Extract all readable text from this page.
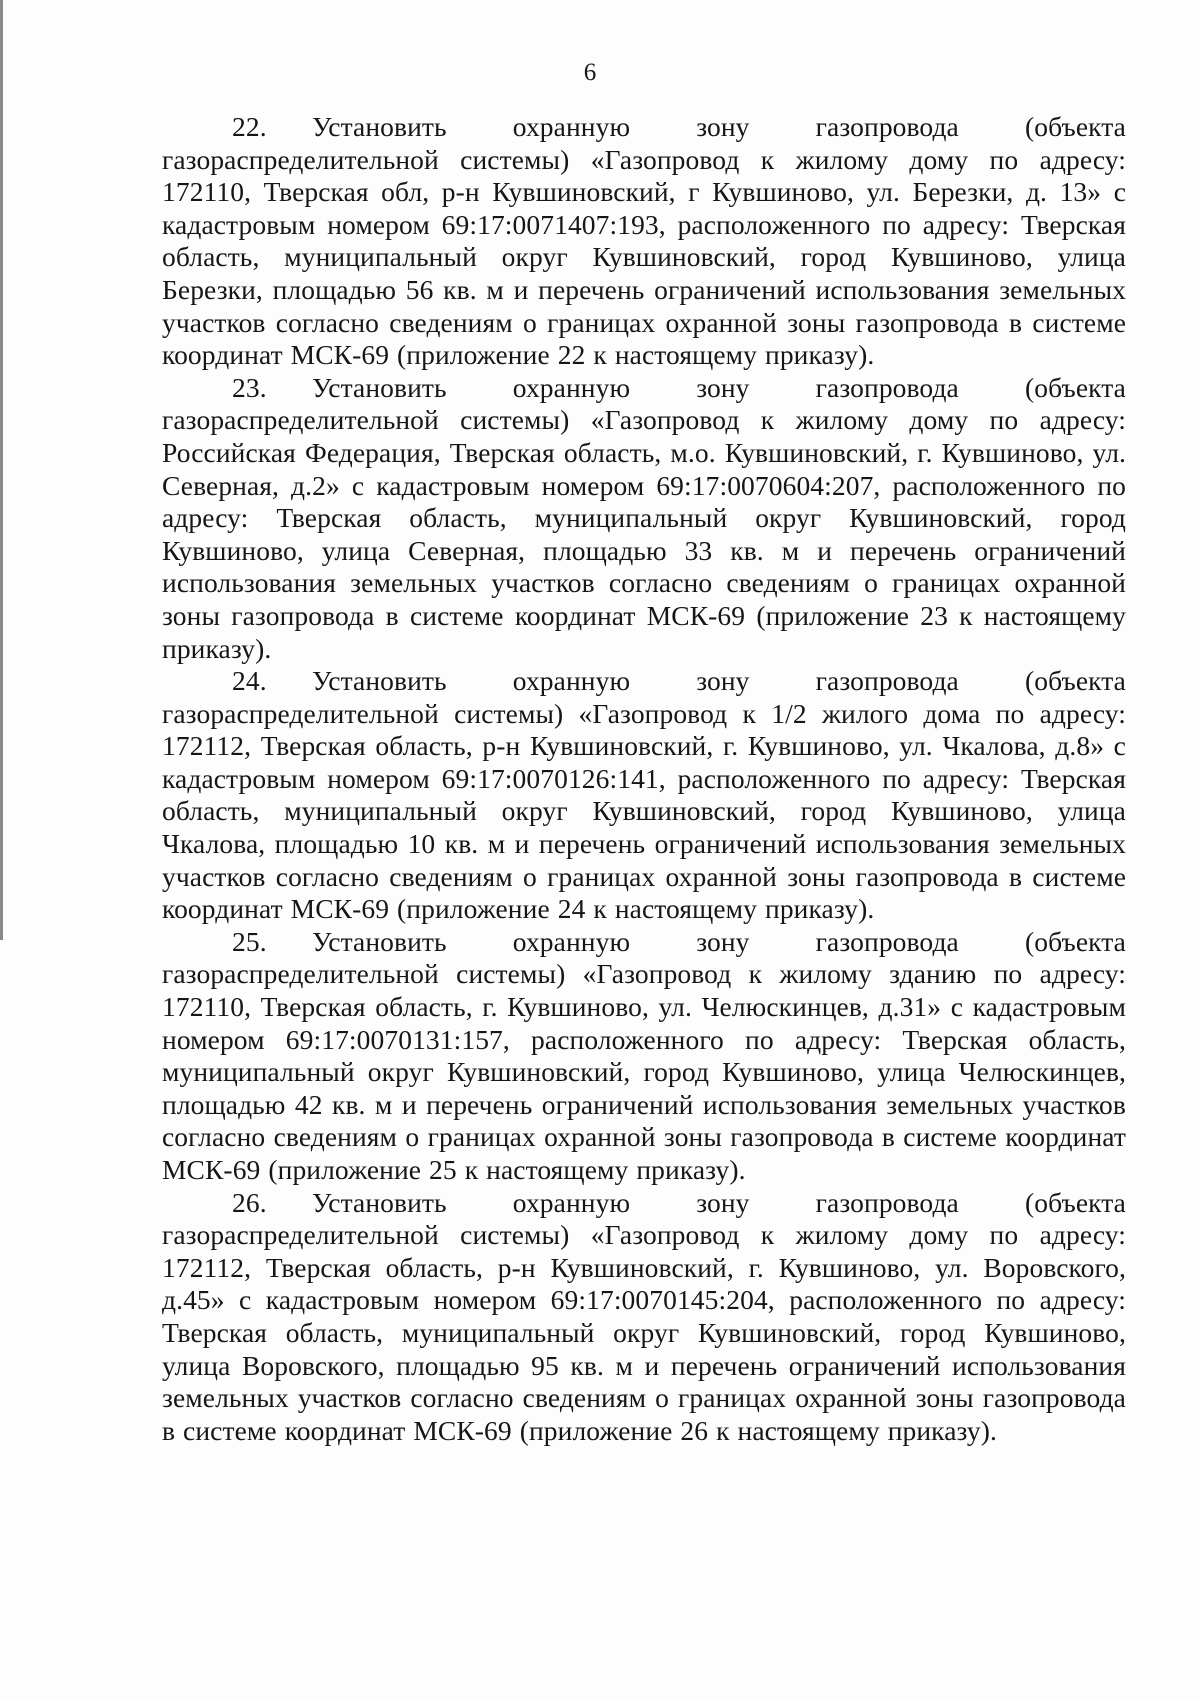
6

22. Установить охранную зону газопровода (объекта газораспределительной системы) «Газопровод к жилому дому по адресу: 172110, Тверская обл, р-н Кувшиновский, г Кувшиново, ул. Березки, д. 13» с кадастровым номером 69:17:0071407:193, расположенного по адресу: Тверская область, муниципальный округ Кувшиновский, город Кувшиново, улица Березки, площадью 56 кв. м и перечень ограничений использования земельных участков согласно сведениям о границах охранной зоны газопровода в системе координат МСК-69 (приложение 22 к настоящему приказу).

23. Установить охранную зону газопровода (объекта газораспределительной системы) «Газопровод к жилому дому по адресу: Российская Федерация, Тверская область, м.о. Кувшиновский, г. Кувшиново, ул. Северная, д.2» с кадастровым номером 69:17:0070604:207, расположенного по адресу: Тверская область, муниципальный округ Кувшиновский, город Кувшиново, улица Северная, площадью 33 кв. м и перечень ограничений использования земельных участков согласно сведениям о границах охранной зоны газопровода в системе координат МСК-69 (приложение 23 к настоящему приказу).

24. Установить охранную зону газопровода (объекта газораспределительной системы) «Газопровод к 1/2 жилого дома по адресу: 172112, Тверская область, р-н Кувшиновский, г. Кувшиново, ул. Чкалова, д.8» с кадастровым номером 69:17:0070126:141, расположенного по адресу: Тверская область, муниципальный округ Кувшиновский, город Кувшиново, улица Чкалова, площадью 10 кв. м и перечень ограничений использования земельных участков согласно сведениям о границах охранной зоны газопровода в системе координат МСК-69 (приложение 24 к настоящему приказу).

25. Установить охранную зону газопровода (объекта газораспределительной системы) «Газопровод к жилому зданию по адресу: 172110, Тверская область, г. Кувшиново, ул. Челюскинцев, д.31» с кадастровым номером 69:17:0070131:157, расположенного по адресу: Тверская область, муниципальный округ Кувшиновский, город Кувшиново, улица Челюскинцев, площадью 42 кв. м и перечень ограничений использования земельных участков согласно сведениям о границах охранной зоны газопровода в системе координат МСК-69 (приложение 25 к настоящему приказу).

26. Установить охранную зону газопровода (объекта газораспределительной системы) «Газопровод к жилому дому по адресу: 172112, Тверская область, р-н Кувшиновский, г. Кувшиново, ул. Воровского, д.45» с кадастровым номером 69:17:0070145:204, расположенного по адресу: Тверская область, муниципальный округ Кувшиновский, город Кувшиново, улица Воровского, площадью 95 кв. м и перечень ограничений использования земельных участков согласно сведениям о границах охранной зоны газопровода в системе координат МСК-69 (приложение 26 к настоящему приказу).
